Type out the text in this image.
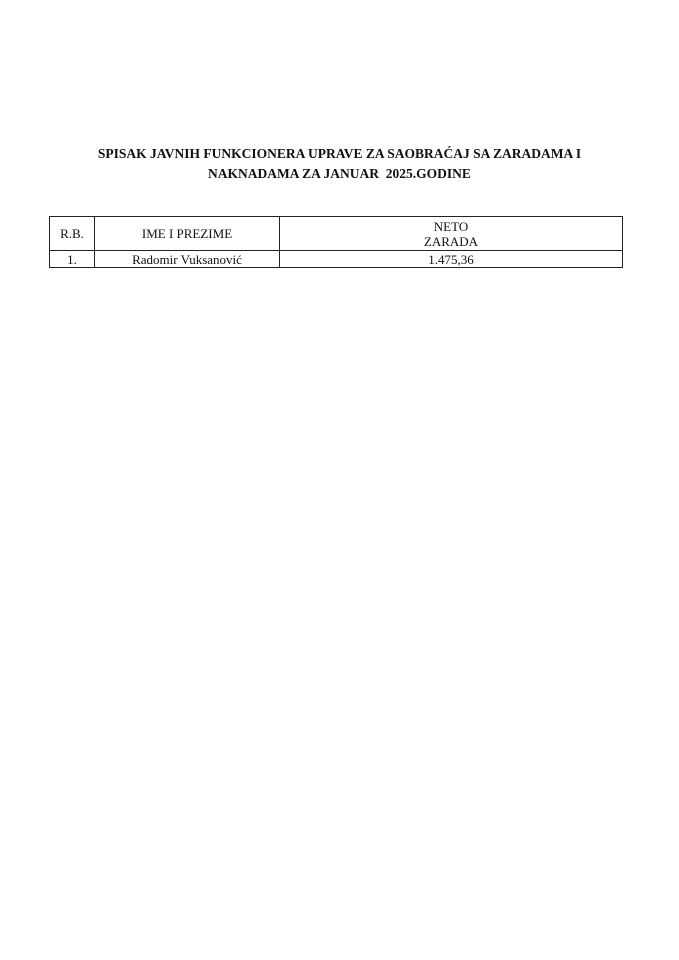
SPISAK JAVNIH FUNKCIONERA UPRAVE ZA SAOBRAĆAJ SA ZARADAMA I
NAKNADAMA ZA JANUAR  2025.GODINE
R.B.	IME I PREZIME	NETO
ZARADA

1.	Radomir Vuksanović	1.475,36
